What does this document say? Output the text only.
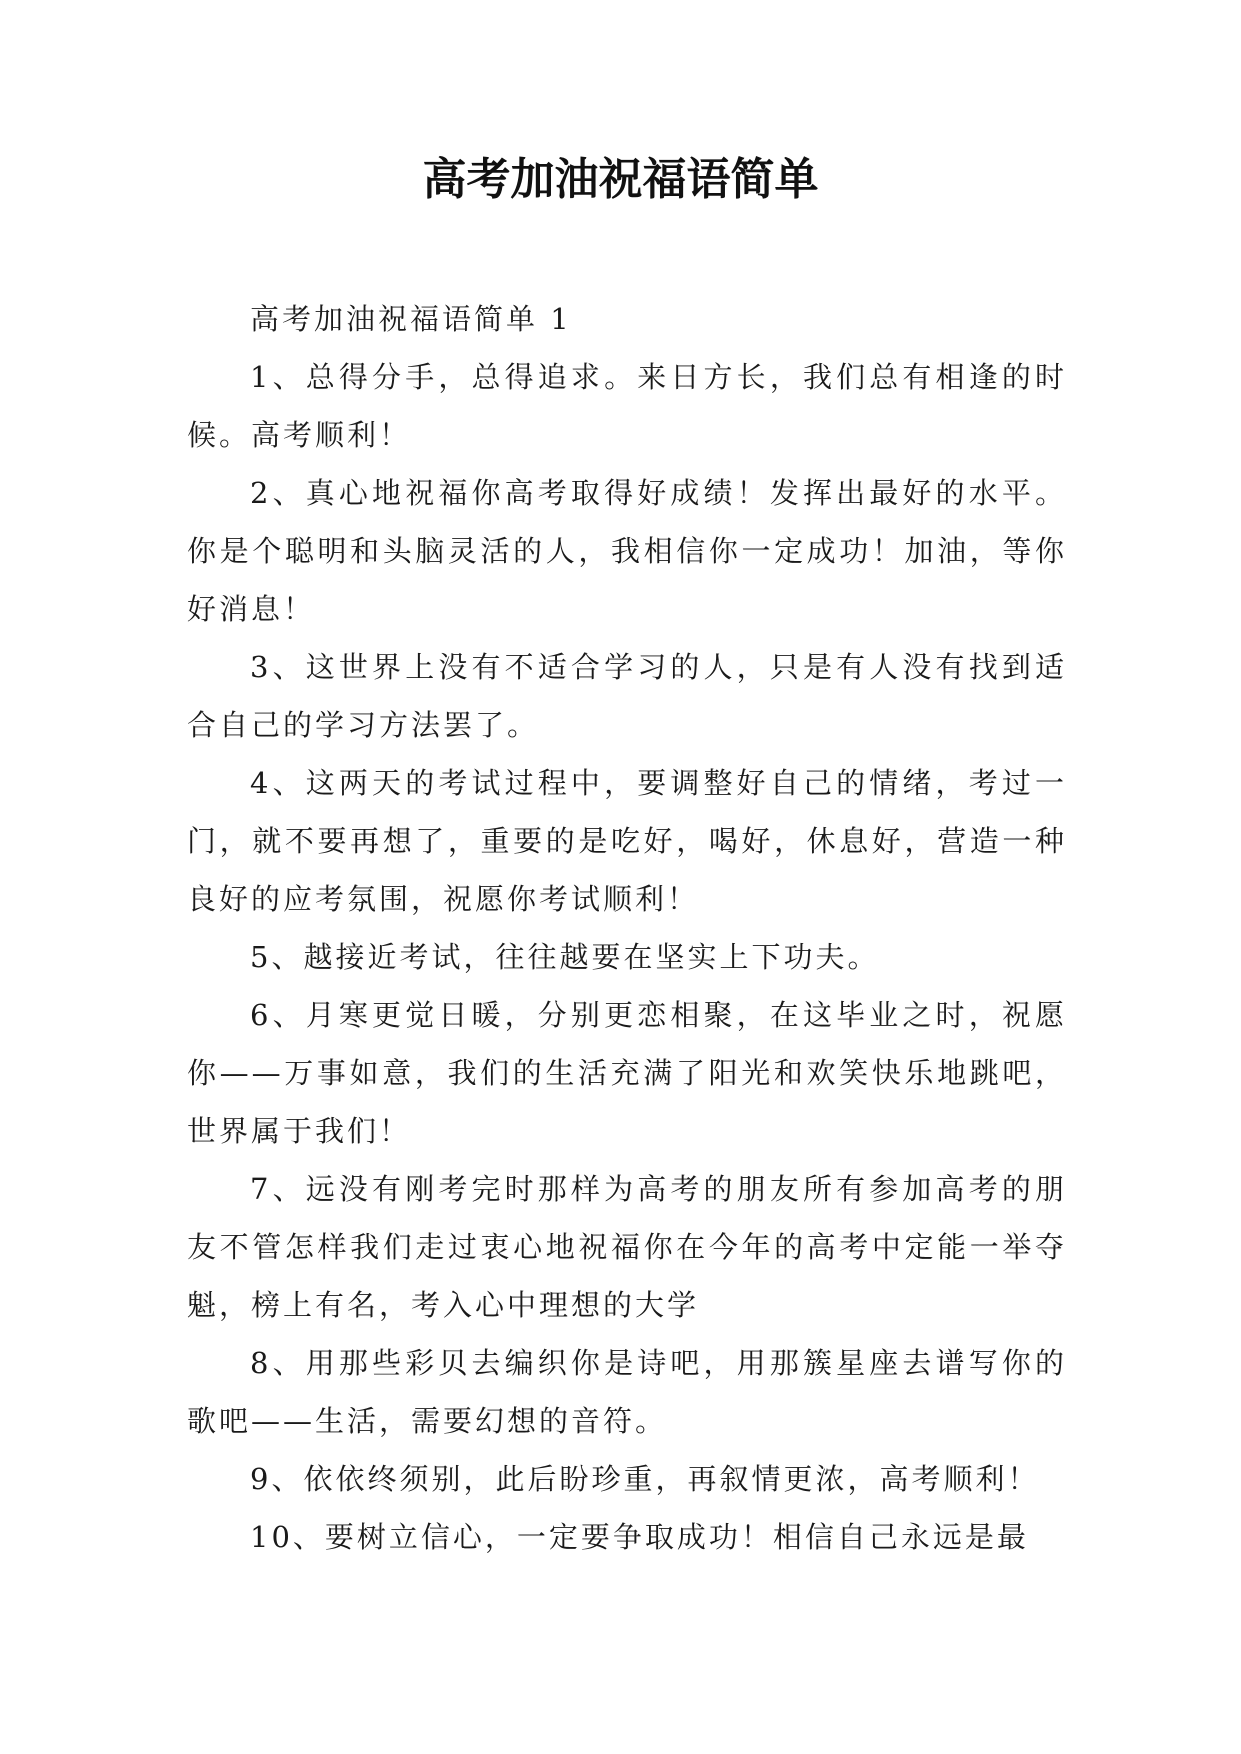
高考加油祝福语简单

高考加油祝福语简单 1

1、总得分手，总得追求。来日方长，我们总有相逢的时候。高考顺利！

2、真心地祝福你高考取得好成绩！发挥出最好的水平。你是个聪明和头脑灵活的人，我相信你一定成功！加油，等你好消息！

3、这世界上没有不适合学习的人，只是有人没有找到适合自己的学习方法罢了。

4、这两天的考试过程中，要调整好自己的情绪，考过一门，就不要再想了，重要的是吃好，喝好，休息好，营造一种良好的应考氛围，祝愿你考试顺利！

5、越接近考试，往往越要在坚实上下功夫。

6、月寒更觉日暖，分别更恋相聚，在这毕业之时，祝愿你——万事如意，我们的生活充满了阳光和欢笑快乐地跳吧，世界属于我们！

7、远没有刚考完时那样为高考的朋友所有参加高考的朋友不管怎样我们走过衷心地祝福你在今年的高考中定能一举夺魁，榜上有名，考入心中理想的大学

8、用那些彩贝去编织你是诗吧，用那簇星座去谱写你的歌吧——生活，需要幻想的音符。

9、依依终须别，此后盼珍重，再叙情更浓，高考顺利！

10、要树立信心，一定要争取成功！相信自己永远是最
